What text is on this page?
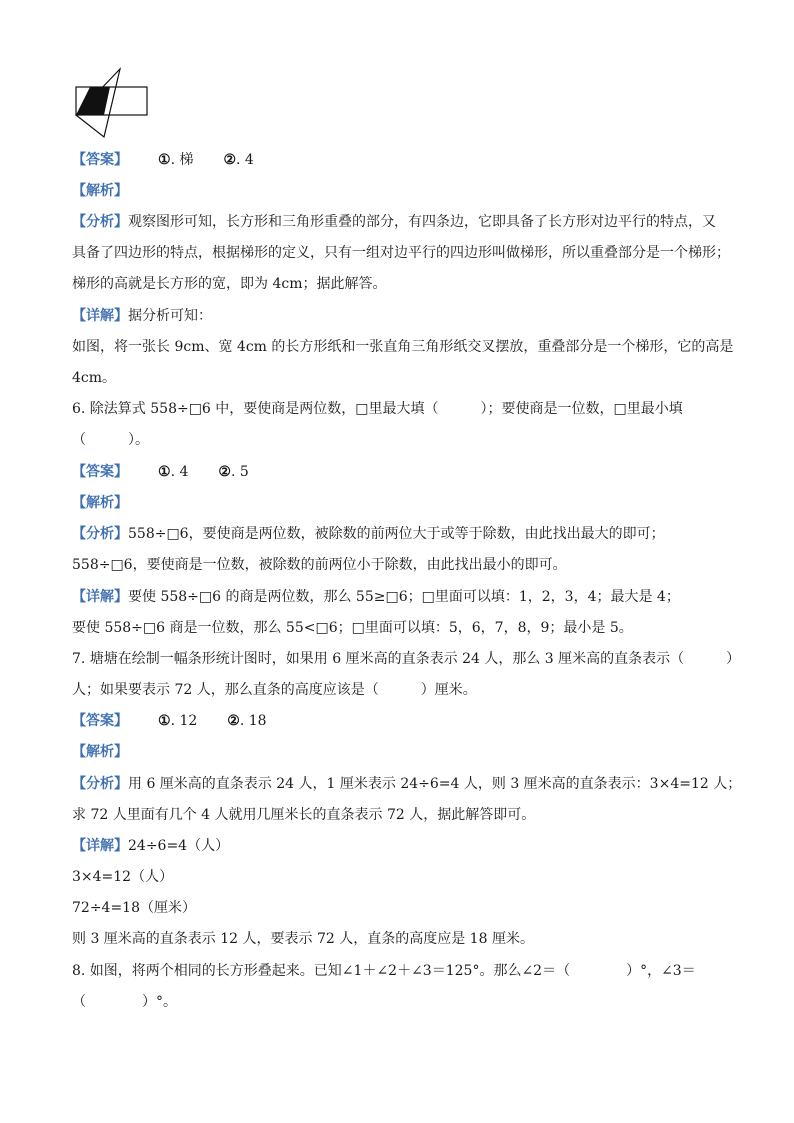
【答案】 ①. 梯 ②. 4
【解析】
【分析】观察图形可知，长方形和三角形重叠的部分，有四条边，它即具备了长方形对边平行的特点，又
具备了四边形的特点，根据梯形的定义，只有一组对边平行的四边形叫做梯形，所以重叠部分是一个梯形；
梯形的高就是长方形的宽，即为 4cm；据此解答。
【详解】据分析可知：
如图，将一张长 9cm、宽 4cm 的长方形纸和一张直角三角形纸交叉摆放，重叠部分是一个梯形，它的高是
4cm。
6. 除法算式 558÷□6 中，要使商是两位数，□里最大填（　　　）；要使商是一位数，□里最小填
（　　　）。
【答案】 ①. 4 ②. 5
【解析】
【分析】558÷□6，要使商是两位数，被除数的前两位大于或等于除数，由此找出最大的即可；
558÷□6，要使商是一位数，被除数的前两位小于除数，由此找出最小的即可。
【详解】要使 558÷□6 的商是两位数，那么 55≥□6；□里面可以填：1，2，3，4；最大是 4；
要使 558÷□6 商是一位数，那么 55<□6；□里面可以填：5，6，7，8，9；最小是 5。
7. 塘塘在绘制一幅条形统计图时，如果用 6 厘米高的直条表示 24 人，那么 3 厘米高的直条表示（　　　）
人；如果要表示 72 人，那么直条的高度应该是（　　　）厘米。
【答案】 ①. 12 ②. 18
【解析】
【分析】用 6 厘米高的直条表示 24 人，1 厘米表示 24÷6=4 人，则 3 厘米高的直条表示：3×4=12 人；
求 72 人里面有几个 4 人就用几厘米长的直条表示 72 人，据此解答即可。
【详解】24÷6=4（人）
3×4=12（人）
72÷4=18（厘米）
则 3 厘米高的直条表示 12 人，要表示 72 人，直条的高度应是 18 厘米。
8. 如图，将两个相同的长方形叠起来。已知∠1＋∠2＋∠3＝125°。那么∠2＝（　　　　）°，∠3＝
（　　　　）°。
